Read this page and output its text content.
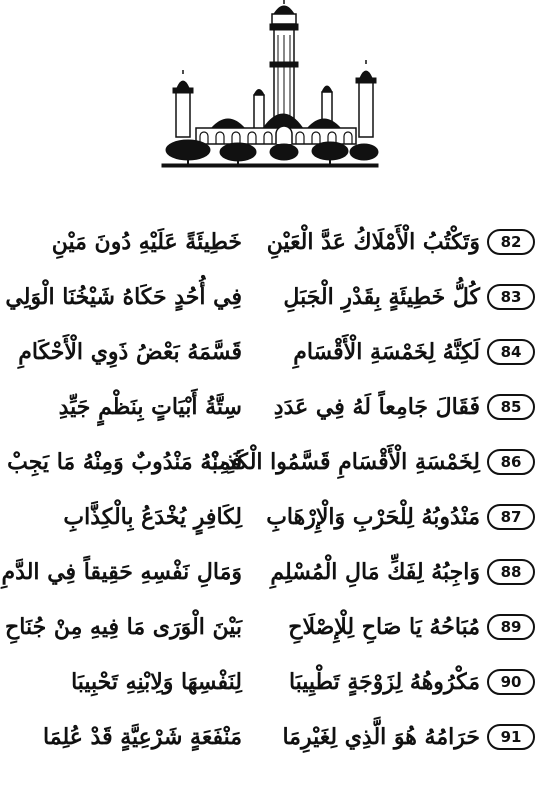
82
وَتَكْتُبُ الْأَمْلَاكُ عَدَّ الْعَيْنِ
خَطِيئَةً عَلَيْهِ دُونَ مَيْنِ
83
كُلُّ خَطِيئَةٍ بِقَدْرِ الْجَبَلِ
فِي أُحُدٍ حَكَاهُ شَيْخُنَا الْوَلِي
84
لَكِنَّهُ لِخَمْسَةِ الْأَقْسَامِ
قَسَّمَهُ بَعْضُ ذَوِي الْأَحْكَامِ
85
فَقَالَ جَامِعاً لَهُ فِي عَدَدِ
سِتَّةُ أَبْيَاتٍ بِنَظْمٍ جَيِّدِ
86
لِخَمْسَةِ الْأَقْسَامِ قَسَّمُوا الْكَذِبْ
فَمِنْهُ مَنْدُوبٌ وَمِنْهُ مَا يَجِبْ
87
مَنْدُوبُهُ لِلْحَرْبِ وَالْإِرْهَابِ
لِكَافِرٍ يُخْدَعُ بِالْكِذَّابِ
88
وَاجِبُهُ لِفَكِّ مَالِ الْمُسْلِمِ
وَمَالِ نَفْسِهِ حَقِيقاً فِي الدَّمِ
89
مُبَاحُهُ يَا صَاحِ لِلْإِصْلَاحِ
بَيْنَ الْوَرَى مَا فِيهِ مِنْ جُنَاحِ
90
مَكْرُوهُهُ لِزَوْجَةٍ تَطْيِيبَا
لِنَفْسِهَا وَلِابْنِهِ تَحْبِيبَا
91
حَرَامُهُ هُوَ الَّذِي لِغَيْرِمَا
مَنْفَعَةٍ شَرْعِيَّةٍ قَدْ عُلِمَا
